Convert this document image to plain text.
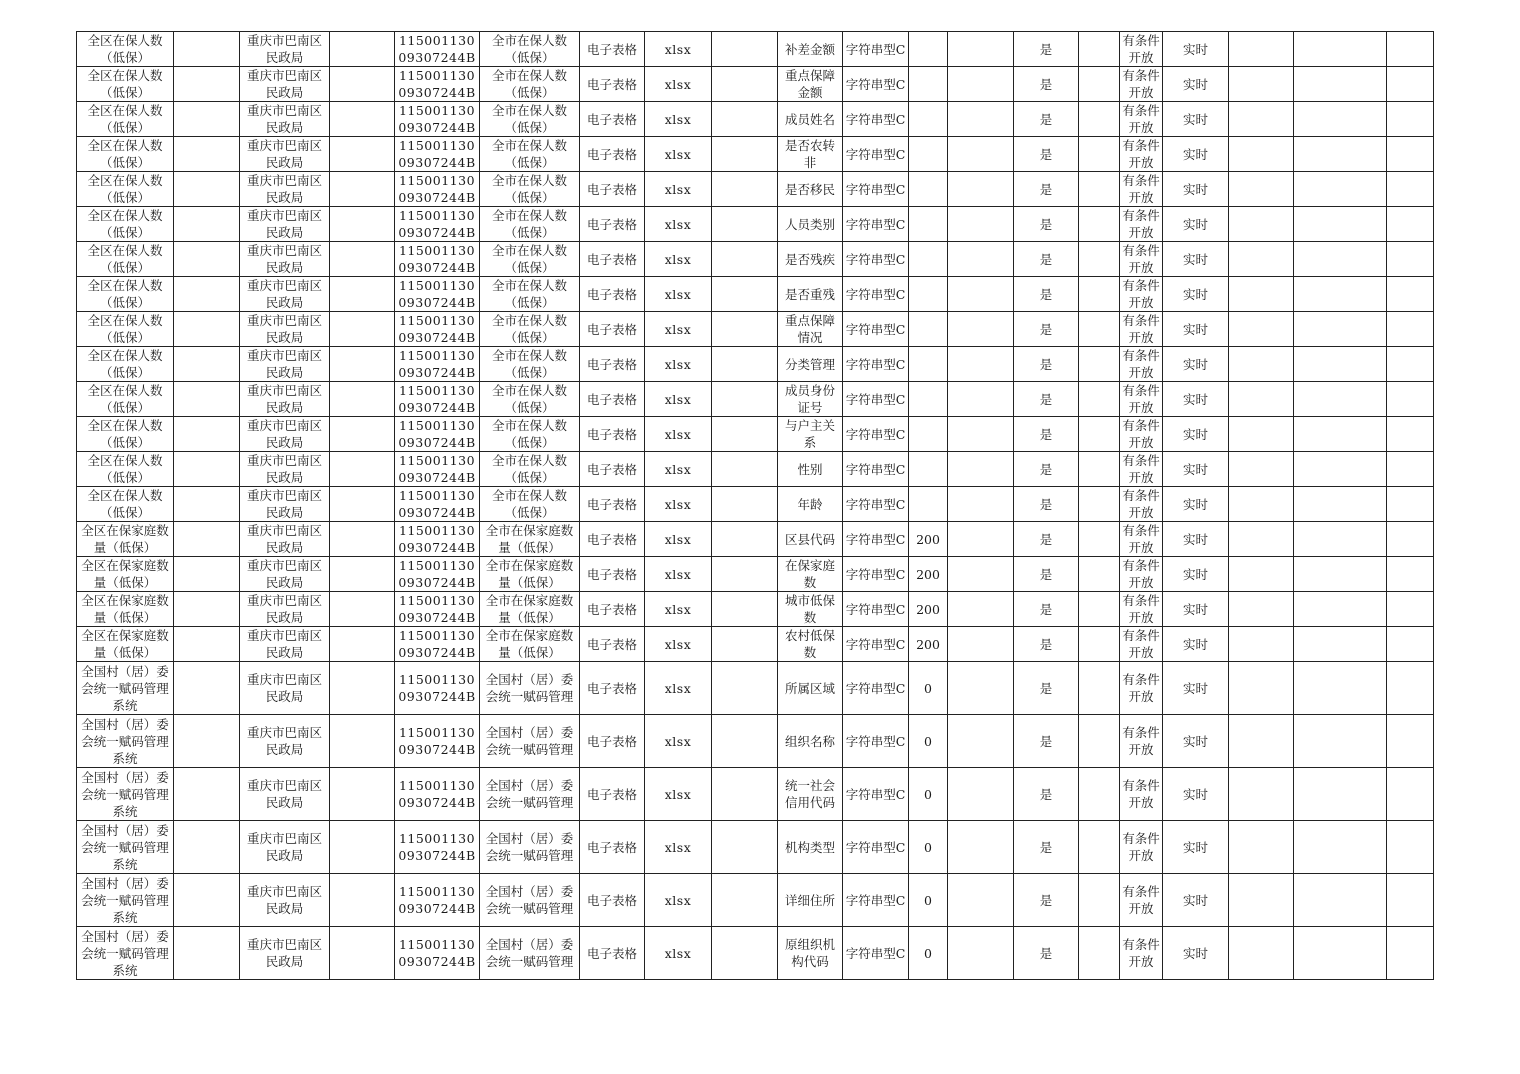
全区在保人数（低保）		重庆市巴南区民政局		11500113009307244B	全市在保人数（低保）	电子表格	xlsx		补差金额	字符串型C			是		有条件开放	实时			
全区在保人数（低保）		重庆市巴南区民政局		11500113009307244B	全市在保人数（低保）	电子表格	xlsx		重点保障金额	字符串型C			是		有条件开放	实时			
全区在保人数（低保）		重庆市巴南区民政局		11500113009307244B	全市在保人数（低保）	电子表格	xlsx		成员姓名	字符串型C			是		有条件开放	实时			
全区在保人数（低保）		重庆市巴南区民政局		11500113009307244B	全市在保人数（低保）	电子表格	xlsx		是否农转非	字符串型C			是		有条件开放	实时			
全区在保人数（低保）		重庆市巴南区民政局		11500113009307244B	全市在保人数（低保）	电子表格	xlsx		是否移民	字符串型C			是		有条件开放	实时			
全区在保人数（低保）		重庆市巴南区民政局		11500113009307244B	全市在保人数（低保）	电子表格	xlsx		人员类别	字符串型C			是		有条件开放	实时			
全区在保人数（低保）		重庆市巴南区民政局		11500113009307244B	全市在保人数（低保）	电子表格	xlsx		是否残疾	字符串型C			是		有条件开放	实时			
全区在保人数（低保）		重庆市巴南区民政局		11500113009307244B	全市在保人数（低保）	电子表格	xlsx		是否重残	字符串型C			是		有条件开放	实时			
全区在保人数（低保）		重庆市巴南区民政局		11500113009307244B	全市在保人数（低保）	电子表格	xlsx		重点保障情况	字符串型C			是		有条件开放	实时			
全区在保人数（低保）		重庆市巴南区民政局		11500113009307244B	全市在保人数（低保）	电子表格	xlsx		分类管理	字符串型C			是		有条件开放	实时			
全区在保人数（低保）		重庆市巴南区民政局		11500113009307244B	全市在保人数（低保）	电子表格	xlsx		成员身份证号	字符串型C			是		有条件开放	实时			
全区在保人数（低保）		重庆市巴南区民政局		11500113009307244B	全市在保人数（低保）	电子表格	xlsx		与户主关系	字符串型C			是		有条件开放	实时			
全区在保人数（低保）		重庆市巴南区民政局		11500113009307244B	全市在保人数（低保）	电子表格	xlsx		性别	字符串型C			是		有条件开放	实时			
全区在保人数（低保）		重庆市巴南区民政局		11500113009307244B	全市在保人数（低保）	电子表格	xlsx		年龄	字符串型C			是		有条件开放	实时			
全区在保家庭数量（低保）		重庆市巴南区民政局		11500113009307244B	全市在保家庭数量（低保）	电子表格	xlsx		区县代码	字符串型C	200		是		有条件开放	实时			
全区在保家庭数量（低保）		重庆市巴南区民政局		11500113009307244B	全市在保家庭数量（低保）	电子表格	xlsx		在保家庭数	字符串型C	200		是		有条件开放	实时			
全区在保家庭数量（低保）		重庆市巴南区民政局		11500113009307244B	全市在保家庭数量（低保）	电子表格	xlsx		城市低保数	字符串型C	200		是		有条件开放	实时			
全区在保家庭数量（低保）		重庆市巴南区民政局		11500113009307244B	全市在保家庭数量（低保）	电子表格	xlsx		农村低保数	字符串型C	200		是		有条件开放	实时			
全国村（居）委会统一赋码管理系统		重庆市巴南区民政局		11500113009307244B	全国村（居）委会统一赋码管理	电子表格	xlsx		所属区域	字符串型C	0		是		有条件开放	实时			
全国村（居）委会统一赋码管理系统		重庆市巴南区民政局		11500113009307244B	全国村（居）委会统一赋码管理	电子表格	xlsx		组织名称	字符串型C	0		是		有条件开放	实时			
全国村（居）委会统一赋码管理系统		重庆市巴南区民政局		11500113009307244B	全国村（居）委会统一赋码管理	电子表格	xlsx		统一社会信用代码	字符串型C	0		是		有条件开放	实时			
全国村（居）委会统一赋码管理系统		重庆市巴南区民政局		11500113009307244B	全国村（居）委会统一赋码管理	电子表格	xlsx		机构类型	字符串型C	0		是		有条件开放	实时			
全国村（居）委会统一赋码管理系统		重庆市巴南区民政局		11500113009307244B	全国村（居）委会统一赋码管理	电子表格	xlsx		详细住所	字符串型C	0		是		有条件开放	实时			
全国村（居）委会统一赋码管理系统		重庆市巴南区民政局		11500113009307244B	全国村（居）委会统一赋码管理	电子表格	xlsx		原组织机构代码	字符串型C	0		是		有条件开放	实时			
